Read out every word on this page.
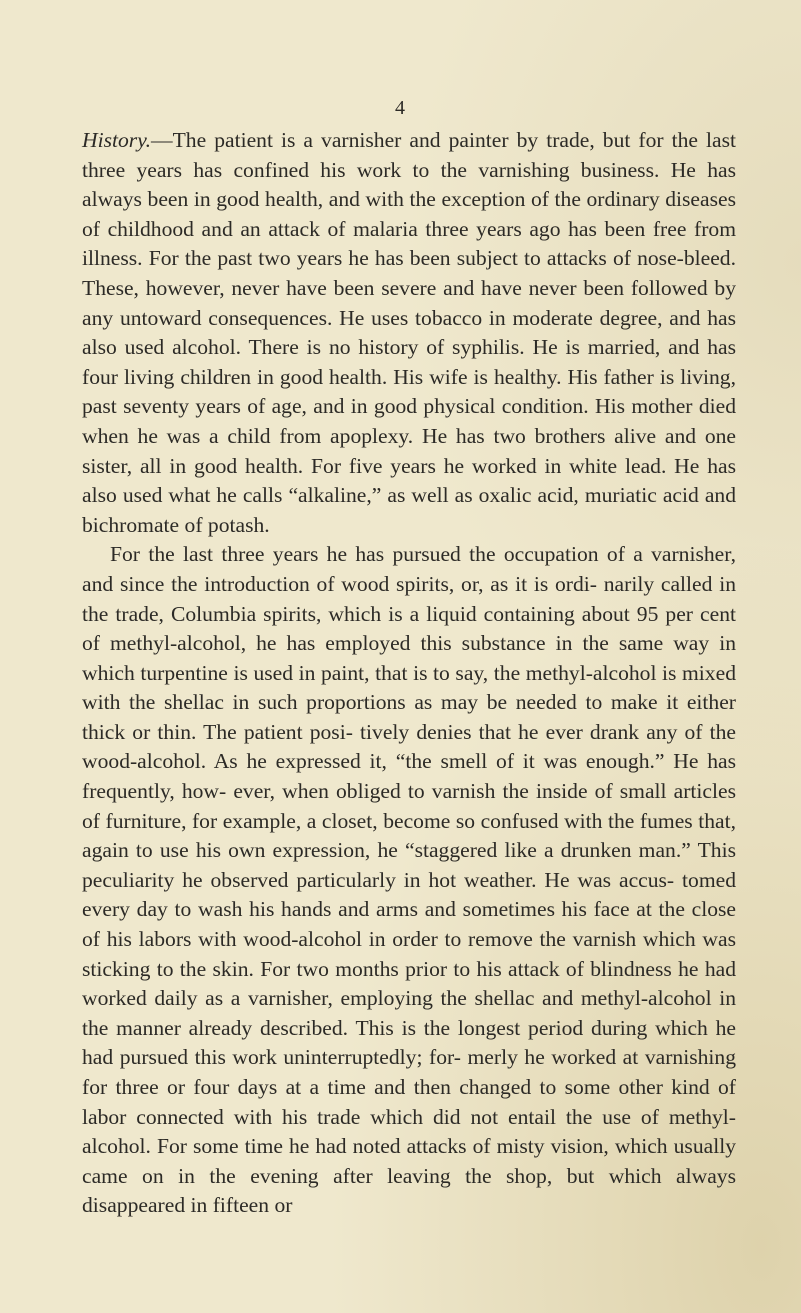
4

History.—The patient is a varnisher and painter by trade, but for the last three years has confined his work to the varnishing business. He has always been in good health, and with the exception of the ordinary diseases of childhood and an attack of malaria three years ago has been free from illness. For the past two years he has been subject to attacks of nose-bleed. These, however, never have been severe and have never been followed by any untoward consequences. He uses tobacco in moderate degree, and has also used alcohol. There is no history of syphilis. He is married, and has four living children in good health. His wife is healthy. His father is living, past seventy years of age, and in good physical condition. His mother died when he was a child from apoplexy. He has two brothers alive and one sister, all in good health. For five years he worked in white lead. He has also used what he calls “alkaline,” as well as oxalic acid, muriatic acid and bichromate of potash.

For the last three years he has pursued the occupation of a varnisher, and since the introduction of wood spirits, or, as it is ordi- narily called in the trade, Columbia spirits, which is a liquid containing about 95 per cent of methyl-alcohol, he has employed this substance in the same way in which turpentine is used in paint, that is to say, the methyl-alcohol is mixed with the shellac in such proportions as may be needed to make it either thick or thin. The patient posi- tively denies that he ever drank any of the wood-alcohol. As he expressed it, “the smell of it was enough.” He has frequently, how- ever, when obliged to varnish the inside of small articles of furniture, for example, a closet, become so confused with the fumes that, again to use his own expression, he “staggered like a drunken man.” This peculiarity he observed particularly in hot weather. He was accus- tomed every day to wash his hands and arms and sometimes his face at the close of his labors with wood-alcohol in order to remove the varnish which was sticking to the skin. For two months prior to his attack of blindness he had worked daily as a varnisher, employing the shellac and methyl-alcohol in the manner already described. This is the longest period during which he had pursued this work uninterruptedly; for- merly he worked at varnishing for three or four days at a time and then changed to some other kind of labor connected with his trade which did not entail the use of methyl-alcohol. For some time he had noted attacks of misty vision, which usually came on in the evening after leaving the shop, but which always disappeared in fifteen or
